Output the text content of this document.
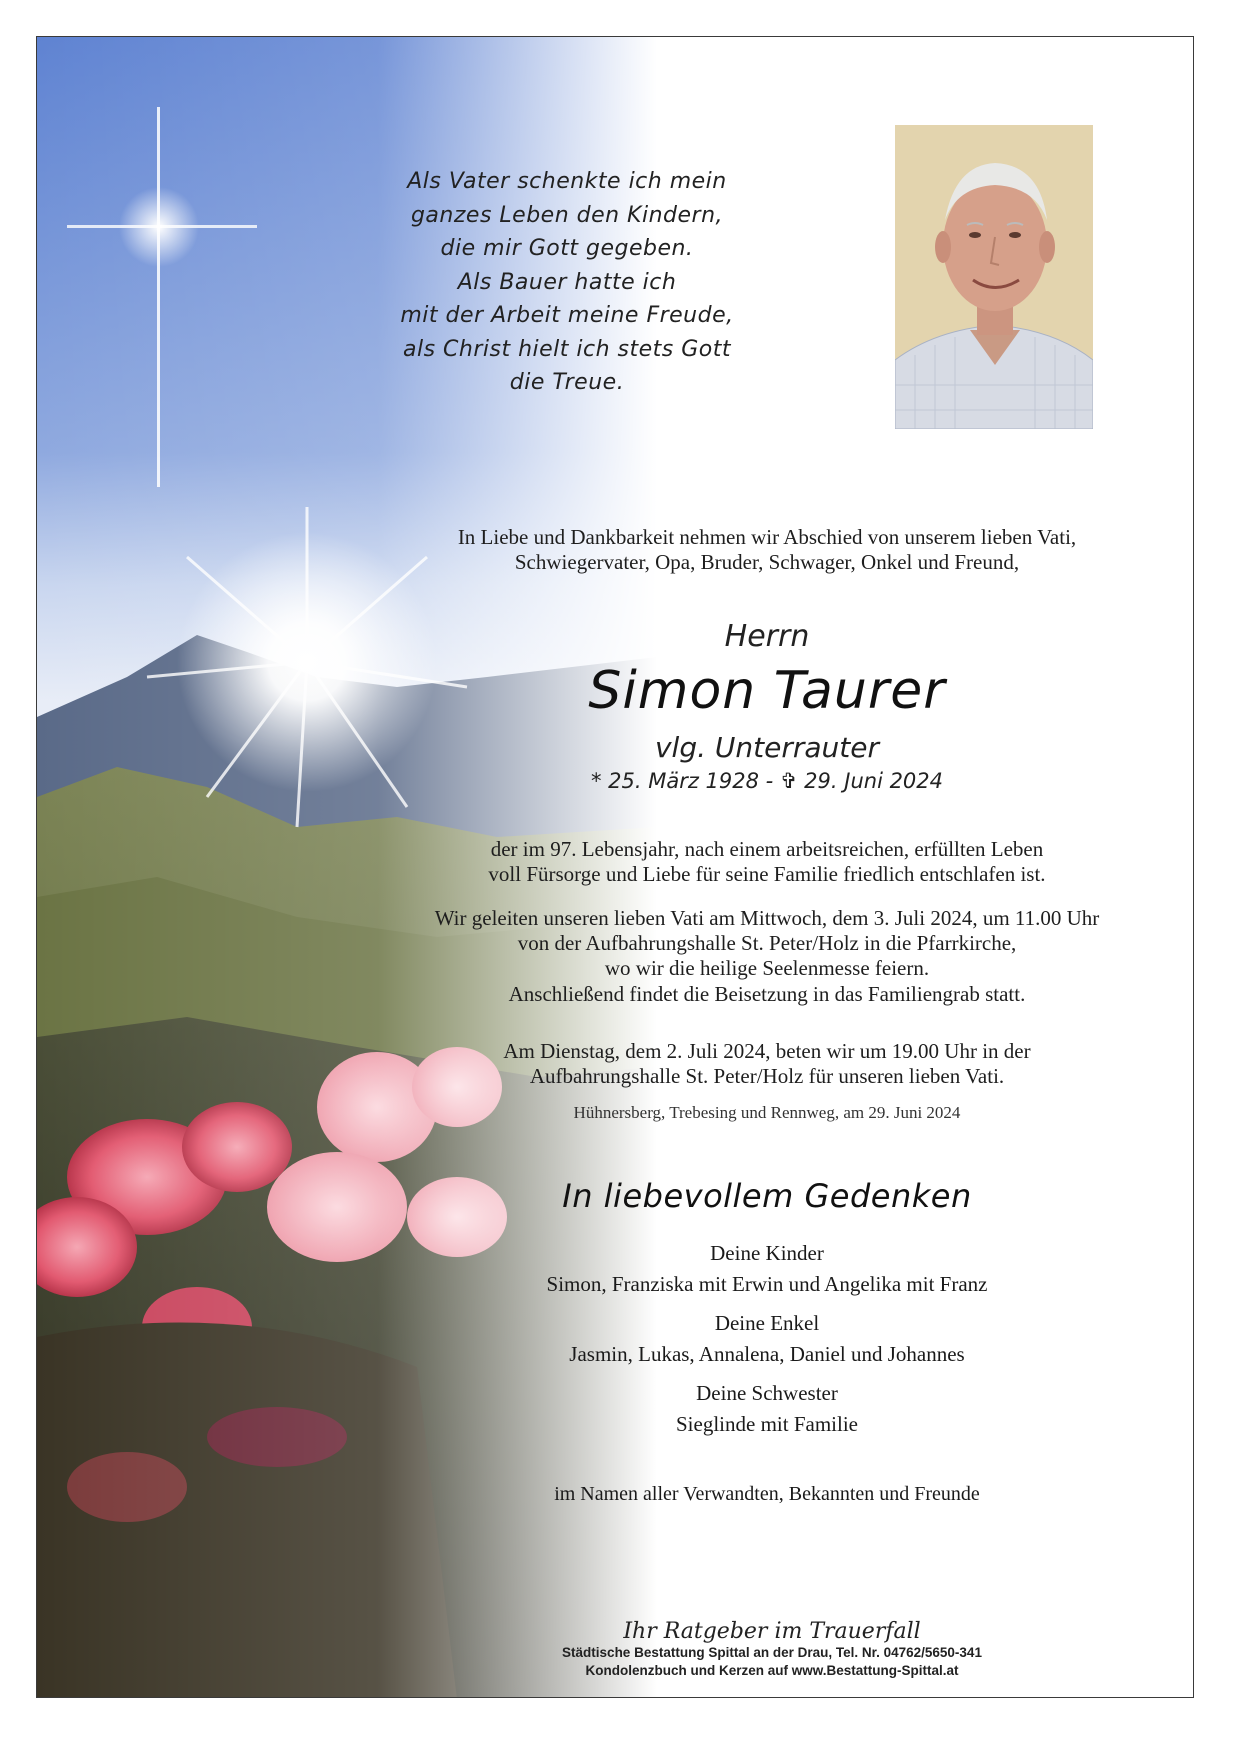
Als Vater schenkte ich mein
ganzes Leben den Kindern,
die mir Gott gegeben.
Als Bauer hatte ich
mit der Arbeit meine Freude,
als Christ hielt ich stets Gott
die Treue.
In Liebe und Dankbarkeit nehmen wir Abschied von unserem lieben Vati,
Schwiegervater, Opa, Bruder, Schwager, Onkel und Freund,
Herrn
Simon Taurer
vlg. Unterrauter
* 25. März 1928 - ✞ 29. Juni 2024
der im 97. Lebensjahr, nach einem arbeitsreichen, erfüllten Leben
voll Fürsorge und Liebe für seine Familie friedlich entschlafen ist.
Wir geleiten unseren lieben Vati am Mittwoch, dem 3. Juli 2024, um 11.00 Uhr
von der Aufbahrungshalle St. Peter/Holz in die Pfarrkirche,
wo wir die heilige Seelenmesse feiern.
Anschließend findet die Beisetzung in das Familiengrab statt.
Am Dienstag, dem 2. Juli 2024, beten wir um 19.00 Uhr in der
Aufbahrungshalle St. Peter/Holz für unseren lieben Vati.
Hühnersberg, Trebesing und Rennweg, am 29. Juni 2024
In liebevollem Gedenken
Deine Kinder
Simon, Franziska mit Erwin und Angelika mit Franz
Deine Enkel
Jasmin, Lukas, Annalena, Daniel und Johannes
Deine Schwester
Sieglinde mit Familie
im Namen aller Verwandten, Bekannten und Freunde
Ihr Ratgeber im Trauerfall
Städtische Bestattung Spittal an der Drau, Tel. Nr. 04762/5650-341
Kondolenzbuch und Kerzen auf www.Bestattung-Spittal.at
